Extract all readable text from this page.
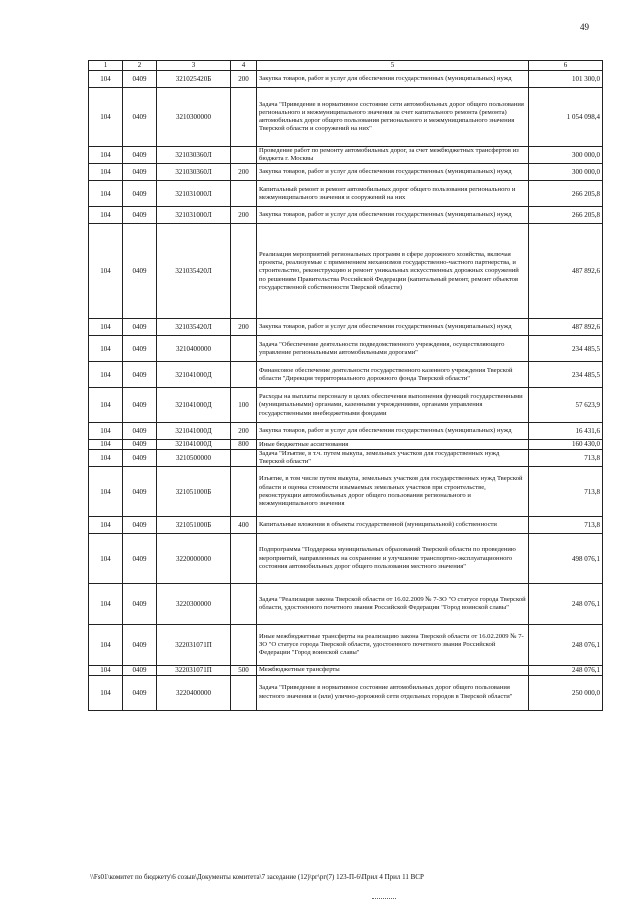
49
1	2	3	4	5	6
104	0409	321025420Б	200	Закупка товаров, работ и услуг для обеспечения государственных (муниципальных) нужд	101 300,0
104	0409	3210300000		Задача "Приведение в нормативное состояние сети автомобильных дорог общего пользования регионального и межмуниципального значения за счет капитального ремонта (ремонта) автомобильных дорог общего пользования регионального и межмуниципального значения Тверской области и сооружений на них"	1 054 098,4
104	0409	321030360Л		Проведение работ по ремонту автомобильных дорог, за счет межбюджетных трансфертов из бюджета г. Москвы	300 000,0
104	0409	321030360Л	200	Закупка товаров, работ и услуг для обеспечения государственных (муниципальных) нужд	300 000,0
104	0409	321031000Л		Капитальный ремонт и ремонт автомобильных дорог общего пользования регионального и межмуниципального значения и сооружений на них	266 205,8
104	0409	321031000Л	200	Закупка товаров, работ и услуг для обеспечения государственных (муниципальных) нужд	266 205,8
104	0409	321035420Л		Реализация мероприятий региональных программ в сфере дорожного хозяйства, включая проекты, реализуемые с применением механизмов государственно-частного партнерства, и строительство, реконструкцию и ремонт уникальных искусственных дорожных сооружений по решениям Правительства Российской Федерации (капитальный ремонт, ремонт объектов государственной собственности Тверской области)	487 892,6
104	0409	321035420Л	200	Закупка товаров, работ и услуг для обеспечения государственных (муниципальных) нужд	487 892,6
104	0409	3210400000		Задача "Обеспечение деятельности подведомственного учреждения, осуществляющего управление региональными автомобильными дорогами"	234 485,5
104	0409	321041000Д		Финансовое обеспечение деятельности государственного казенного учреждения Тверской области "Дирекция территориального дорожного фонда Тверской области"	234 485,5
104	0409	321041000Д	100	Расходы на выплаты персоналу в целях обеспечения выполнения функций государственными (муниципальными) органами, казенными учреждениями, органами управления государственными внебюджетными фондами	57 623,9
104	0409	321041000Д	200	Закупка товаров, работ и услуг для обеспечения государственных (муниципальных) нужд	16 431,6
104	0409	321041000Д	800	Иные бюджетные ассигнования	160 430,0
104	0409	3210500000		Задача "Изъятие, в т.ч. путем выкупа, земельных участков для государственных нужд Тверской области"	713,8
104	0409	321051000Б		Изъятие, в том числе путем выкупа, земельных участков для государственных нужд Тверской области и оценка стоимости изымаемых земельных участков при строительстве, реконструкции автомобильных дорог общего пользования регионального и межмуниципального значения	713,8
104	0409	321051000Б	400	Капитальные вложения в объекты государственной (муниципальной) собственности	713,8
104	0409	3220000000		Подпрограмма "Поддержка муниципальных образований Тверской области по проведению мероприятий, направленных на сохранение и улучшение транспортно-эксплуатационного состояния автомобильных дорог общего пользования местного значения"	498 076,1
104	0409	3220300000		Задача "Реализация закона Тверской области от 16.02.2009 № 7-ЗО "О статусе города Тверской области, удостоенного почетного звания Российской Федерации "Город воинской славы"	248 076,1
104	0409	322031071П		Иные межбюджетные трансферты на реализацию закона Тверской области от 16.02.2009 № 7-ЗО "О статусе города Тверской области, удостоенного почетного звания Российской Федерации "Город воинской славы"	248 076,1
104	0409	322031071П	500	Межбюджетные трансферты	248 076,1
104	0409	3220400000		Задача "Приведение в нормативное состояние автомобильных дорог общего пользования местного значения и (или) улично-дорожной сети отдельных городов в Тверской области"	250 000,0
\\Fs01\комитет по бюджету\6 созыв\Документы комитета\7 заседание (12)\рг\рг(7) 123-П-6\Прил 4 Прил 11 ВСР
